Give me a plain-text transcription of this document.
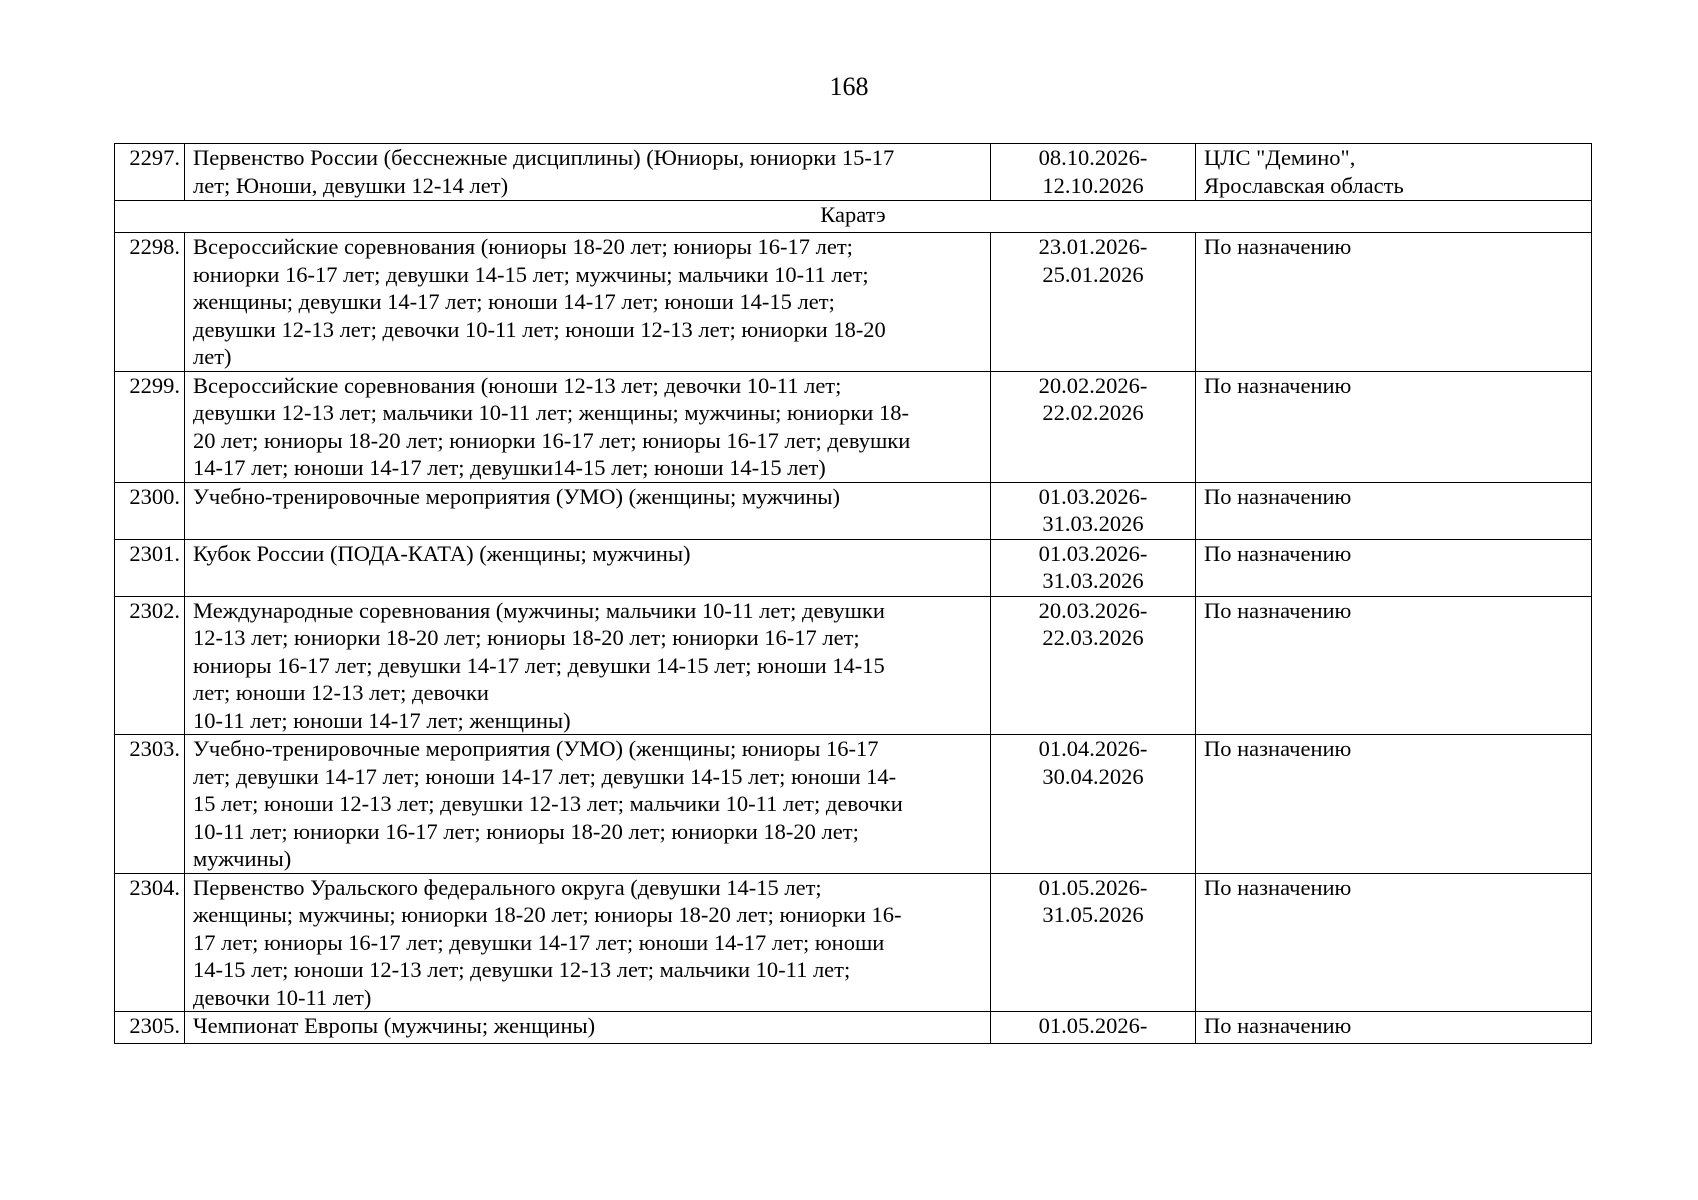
168
2297.	Первенство России (бесснежные дисциплины) (Юниоры, юниорки 15-17
лет; Юноши, девушки 12-14 лет)	08.10.2026-
12.10.2026	ЦЛС "Демино",
Ярославская область

Каратэ			
2298.	Всероссийские соревнования (юниоры 18-20 лет; юниоры 16-17 лет;
юниорки 16-17 лет; девушки 14-15 лет; мужчины; мальчики 10-11 лет;
женщины; девушки 14-17 лет; юноши 14-17 лет; юноши 14-15 лет;
девушки 12-13 лет; девочки 10-11 лет; юноши 12-13 лет; юниорки 18-20
лет)	23.01.2026-
25.01.2026	По назначению

2299.	Всероссийские соревнования (юноши 12-13 лет; девочки 10-11 лет;
девушки 12-13 лет; мальчики 10-11 лет; женщины; мужчины; юниорки 18-
20 лет; юниоры 18-20 лет; юниорки 16-17 лет; юниоры 16-17 лет; девушки
14-17 лет; юноши 14-17 лет; девушки14-15 лет; юноши 14-15 лет)	20.02.2026-
22.02.2026	По назначению

2300.	Учебно-тренировочные мероприятия (УМО) (женщины; мужчины)	01.03.2026-
31.03.2026	По назначению

2301.	Кубок России (ПОДА-КАТА) (женщины; мужчины)	01.03.2026-
31.03.2026	По назначению

2302.	Международные соревнования (мужчины; мальчики 10-11 лет; девушки
12-13 лет; юниорки 18-20 лет; юниоры 18-20 лет; юниорки 16-17 лет;
юниоры 16-17 лет; девушки 14-17 лет; девушки 14-15 лет; юноши 14-15
лет; юноши 12-13 лет; девочки
10-11 лет; юноши 14-17 лет; женщины)	20.03.2026-
22.03.2026	По назначению

2303.	Учебно-тренировочные мероприятия (УМО) (женщины; юниоры 16-17
лет; девушки 14-17 лет; юноши 14-17 лет; девушки 14-15 лет; юноши 14-
15 лет; юноши 12-13 лет; девушки 12-13 лет; мальчики 10-11 лет; девочки
10-11 лет; юниорки 16-17 лет; юниоры 18-20 лет; юниорки 18-20 лет;
мужчины)	01.04.2026-
30.04.2026	По назначению

2304.	Первенство Уральского федерального округа (девушки 14-15 лет;
женщины; мужчины; юниорки 18-20 лет; юниоры 18-20 лет; юниорки 16-
17 лет; юниоры 16-17 лет; девушки 14-17 лет; юноши 14-17 лет; юноши
14-15 лет; юноши 12-13 лет; девушки 12-13 лет; мальчики 10-11 лет;
девочки 10-11 лет)	01.05.2026-
31.05.2026	По назначению

2305.	Чемпионат Европы (мужчины; женщины)	01.05.2026-	По назначению
